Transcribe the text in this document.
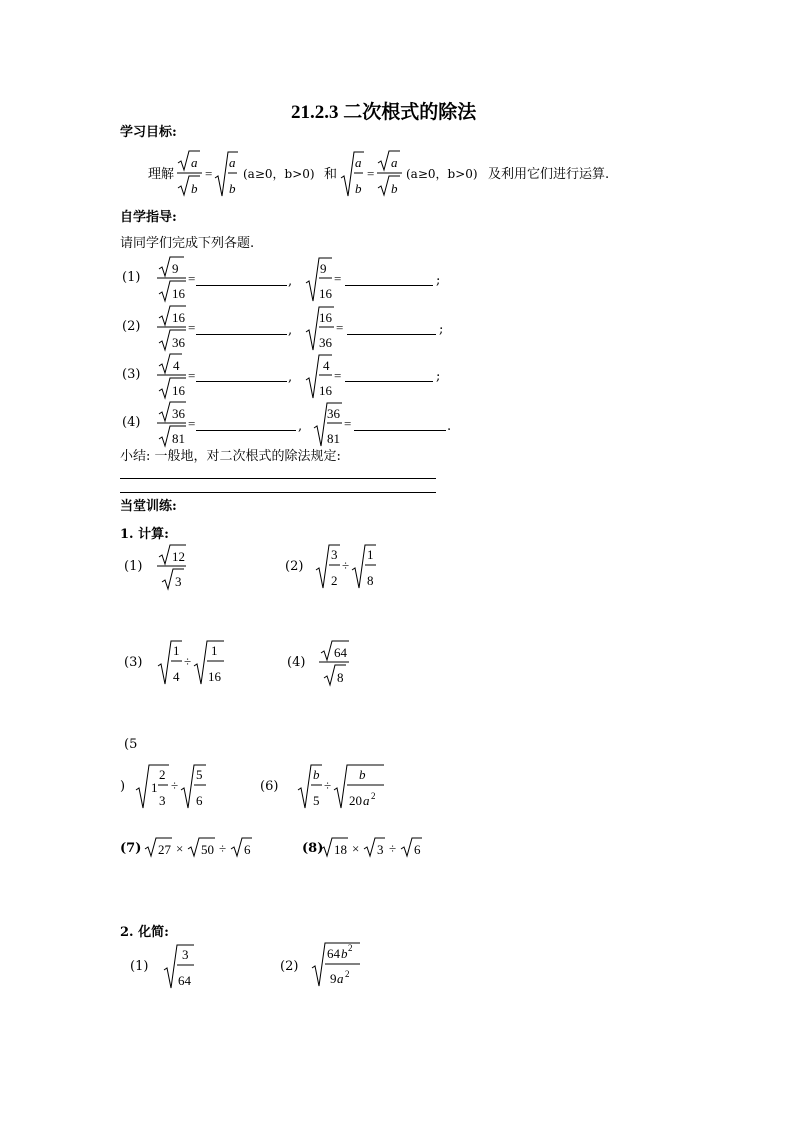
21.2.3 二次根式的除法
学习目标:
理解
a
b
=
a
b
(a≥0，b>0) 和
a
b
=
a
b
(a≥0，b>0) 及利用它们进行运算.
自学指导:
请同学们完成下列各题.
(1)
9
16
=	,
9
16
=	;
(2)
16
36
=	,
16
36
=	;
(3)
4
16
=	,
4
16
=	;
(4)
36
81
=	,
36
81
=	.
小结: 一般地，对二次根式的除法规定:
当堂训练:
1. 计算:
(1)
12
3
(2)
3
2
÷
1
8
(3)
1
4
÷
1
16
(4)
64
8
(5
) 1
2
3
÷
5
6
(6)
b
5
÷
b
20 a 2
(7) 27 × 50 ÷ 6	(8) 18 × 3 ÷ 6
2. 化简:
(1)
3
64
(2)
64 b 2
9 a 2
